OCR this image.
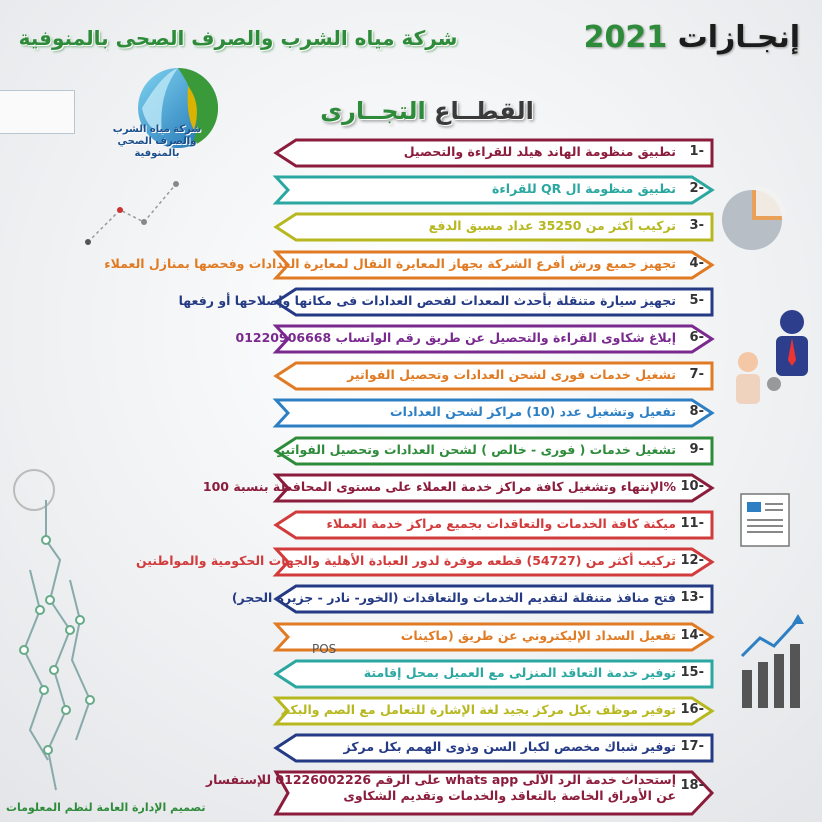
شركة مياه الشرب والصرف الصحى بالمنوفية	إنجـازات 2021
شركة مياه الشرب
والصرف الصحي بالمنوفية
القطــاع التجــارى
1-
تطبيق منظومة الهاند هيلد للقراءة والتحصيل
2-
تطبيق منظومة ال QR للقراءة
3-
تركيب أكثر من 35250 عداد مسبق الدفع
4-
تجهيز جميع ورش أفرع الشركة بجهاز المعايرة النقال لمعايرة العدادات وفحصها بمنازل العملاء
5-
تجهيز سيارة متنقلة بأحدث المعدات لفحص العدادات فى مكانها وإصلاحها أو رفعها
6-
إبلاغ شكاوى القراءة والتحصيل عن طريق رقم الواتساب 01220906668
7-
تشغيل خدمات فورى لشحن العدادات وتحصيل الفواتير
8-
تفعيل وتشغيل عدد (10) مراكز لشحن العدادات
9-
تشغيل خدمات ( فورى - خالص ) لشحن العدادات وتحصيل الفواتير
10-
%الإنتهاء وتشغيل كافة مراكز خدمة العملاء على مستوى المحافظة بنسبة 100
11-
ميكنة كافة الخدمات والتعاقدات بجميع مراكز خدمة العملاء
12-
تركيب أكثر من (54727) قطعه موفرة لدور العبادة الأهلية والجهات الحكومية والمواطنين
13-
فتح منافذ متنقلة لتقديم الخدمات والتعاقدات (الخور- نادر - جزيرة الحجر)
14-
تفعيل السداد الإليكتروني عن طريق (ماكينات
15-
توفير خدمة التعاقد المنزلى مع العميل بمحل إقامتة
16-
توفير موظف بكل مركز يجيد لغة الإشارة للتعامل مع الصم والبكم
17-
توفير شباك مخصص لكبار السن وذوى الهمم بكل مركز
18-
إستحداث خدمة الرد الآلى whats app على الرقم 01226002226 للإستفسار
عن الأوراق الخاصة بالتعاقد والخدمات وتقديم الشكاوى
POS
تصميم الإدارة العامة لنظم المعلومات
